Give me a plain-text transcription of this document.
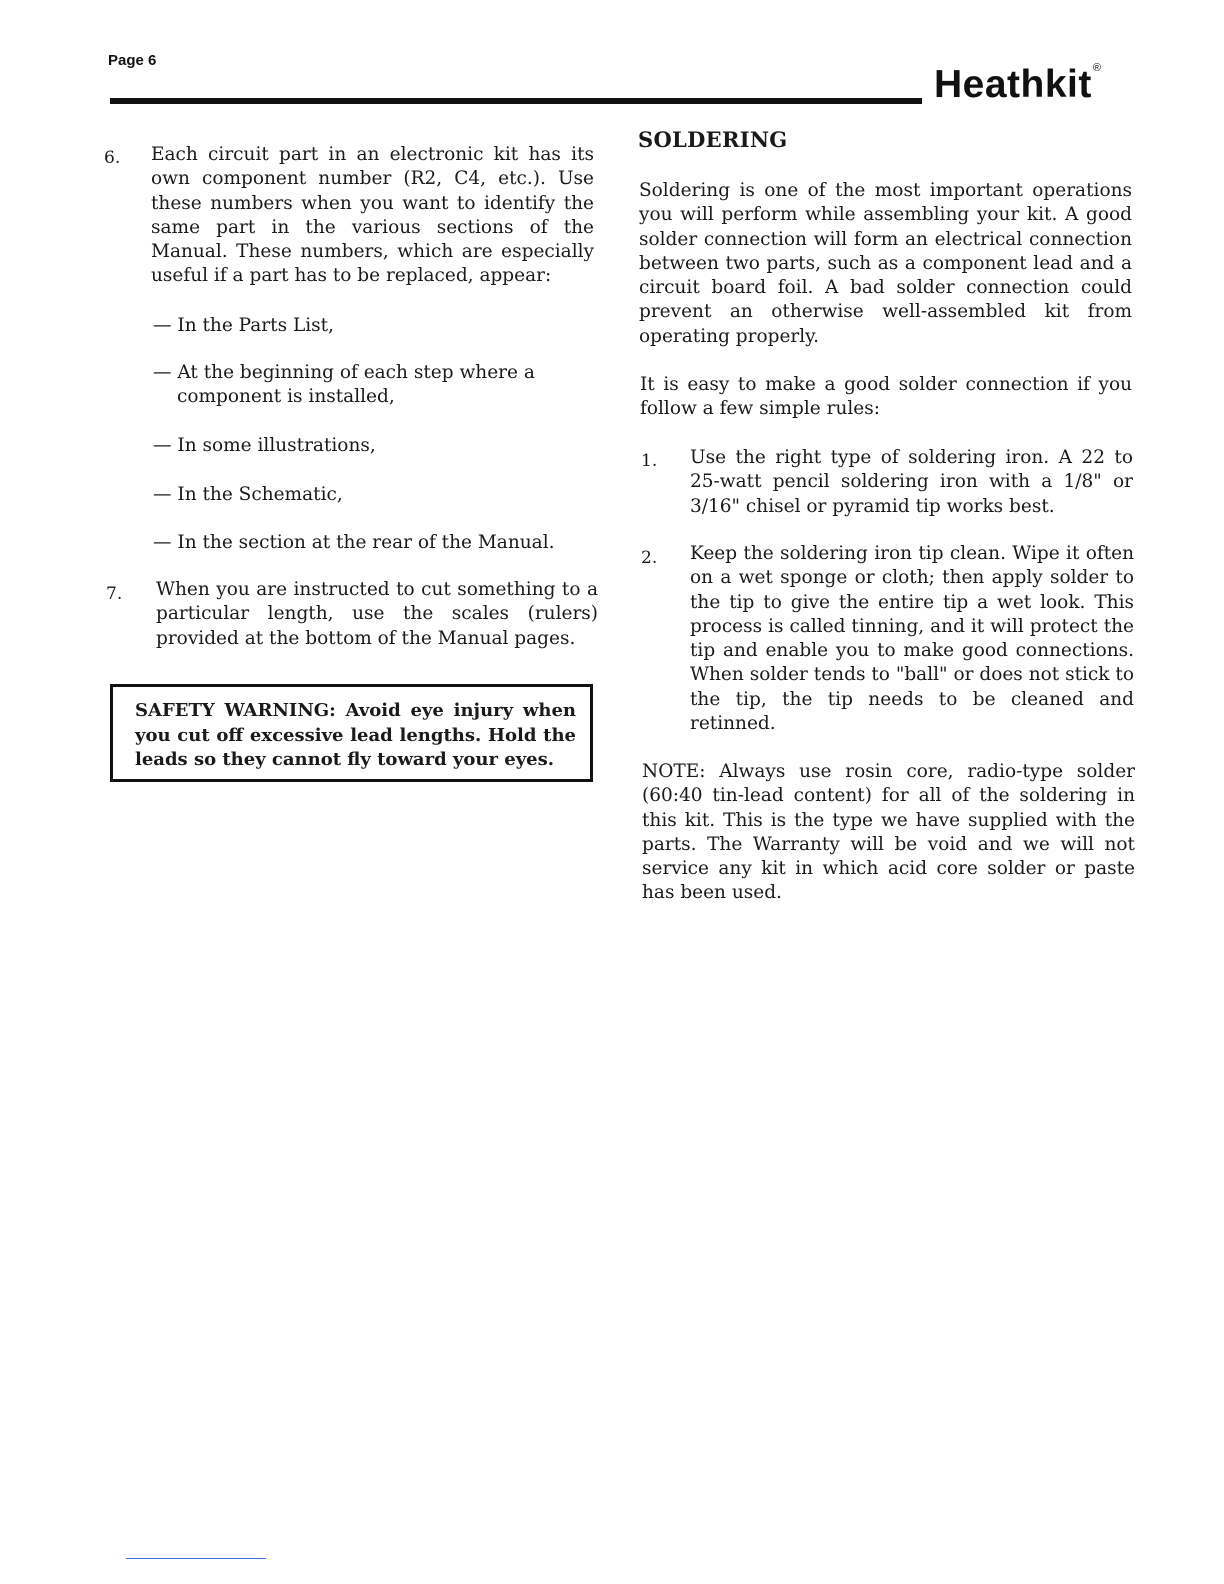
Page 6
Heathkit®
6. Each circuit part in an electronic kit has its own component number (R2, C4, etc.). Use these numbers when you want to identify the same part in the various sections of the Manual. These numbers, which are especially useful if a part has to be replaced, appear:

— In the Parts List,
— At the beginning of each step where a component is installed,
— In some illustrations,
— In the Schematic,
— In the section at the rear of the Manual.
7. When you are instructed to cut something to a particular length, use the scales (rulers) provided at the bottom of the Manual pages.

SAFETY WARNING: Avoid eye injury when you cut off excessive lead lengths. Hold the leads so they cannot fly toward your eyes.
SOLDERING

Soldering is one of the most important operations you will perform while assembling your kit. A good solder connection will form an electrical connection between two parts, such as a component lead and a circuit board foil. A bad solder connection could prevent an otherwise well-assembled kit from operating properly.

It is easy to make a good solder connection if you follow a few simple rules:

1. Use the right type of soldering iron. A 22 to 25-watt pencil soldering iron with a 1/8" or 3/16" chisel or pyramid tip works best.

2. Keep the soldering iron tip clean. Wipe it often on a wet sponge or cloth; then apply solder to the tip to give the entire tip a wet look. This process is called tinning, and it will protect the tip and enable you to make good connections. When solder tends to "ball" or does not stick to the tip, the tip needs to be cleaned and retinned.

NOTE: Always use rosin core, radio-type solder (60:40 tin-lead content) for all of the soldering in this kit. This is the type we have supplied with the parts. The Warranty will be void and we will not service any kit in which acid core solder or paste has been used.
